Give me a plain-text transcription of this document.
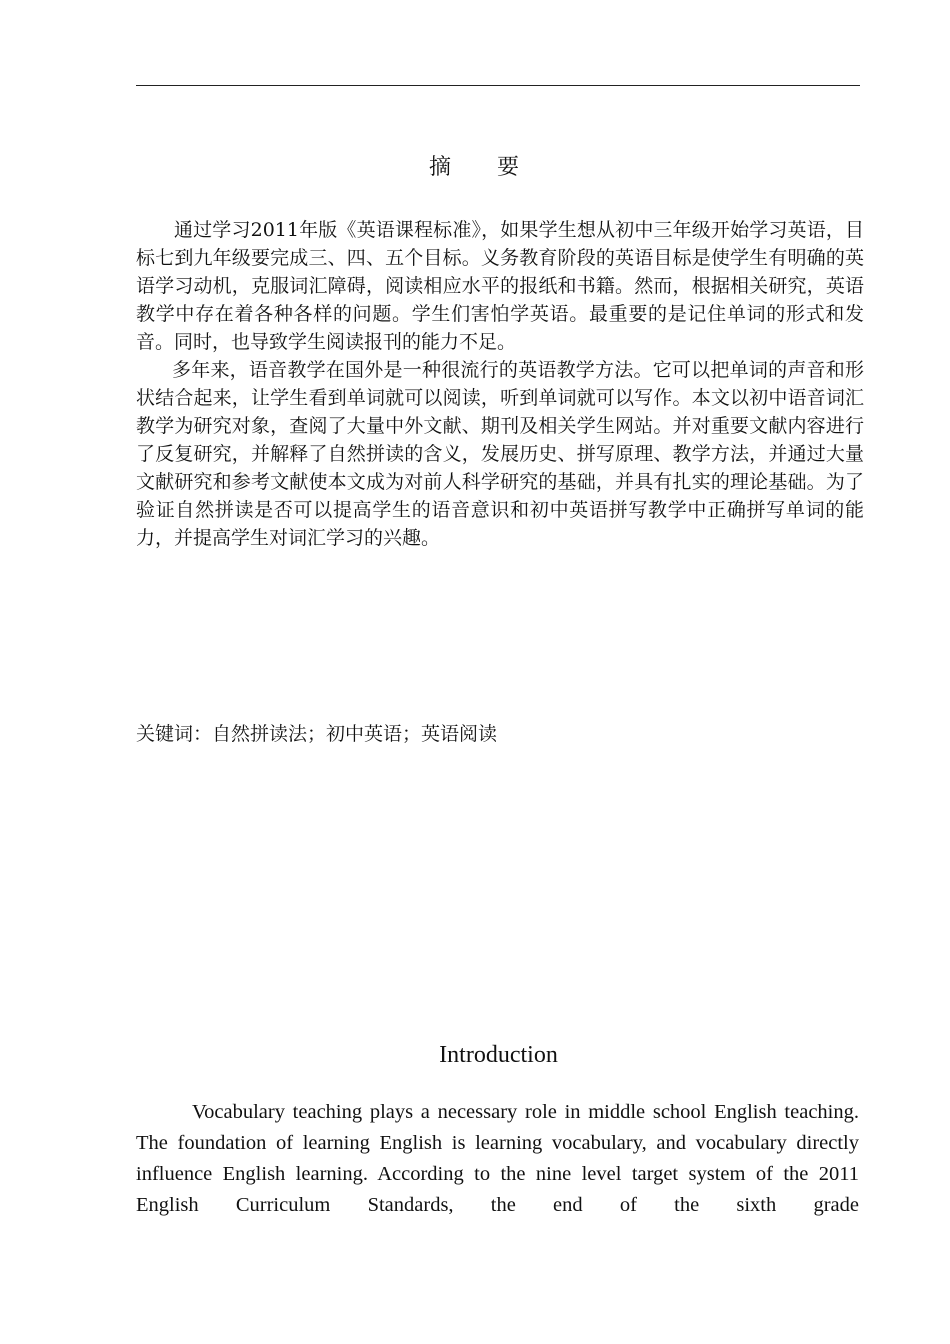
摘 要

通过学习2011年版《英语课程标准》，如果学生想从初中三年级开始学习英语，目标七到九年级要完成三、四、五个目标。义务教育阶段的英语目标是使学生有明确的英语学习动机，克服词汇障碍，阅读相应水平的报纸和书籍。然而，根据相关研究，英语教学中存在着各种各样的问题。学生们害怕学英语。最重要的是记住单词的形式和发音。同时，也导致学生阅读报刊的能力不足。

多年来，语音教学在国外是一种很流行的英语教学方法。它可以把单词的声音和形状结合起来，让学生看到单词就可以阅读，听到单词就可以写作。本文以初中语音词汇教学为研究对象，查阅了大量中外文献、期刊及相关学生网站。并对重要文献内容进行了反复研究，并解释了自然拼读的含义，发展历史、拼写原理、教学方法，并通过大量文献研究和参考文献使本文成为对前人科学研究的基础，并具有扎实的理论基础。为了验证自然拼读是否可以提高学生的语音意识和初中英语拼写教学中正确拼写单词的能力，并提高学生对词汇学习的兴趣。

关键词：自然拼读法；初中英语；英语阅读
Introduction

Vocabulary teaching plays a necessary role in middle school English teaching. The foundation of learning English is learning vocabulary, and vocabulary directly influence English learning. According to the nine level target system of the 2011 English Curriculum Standards, the end of the sixth grade
